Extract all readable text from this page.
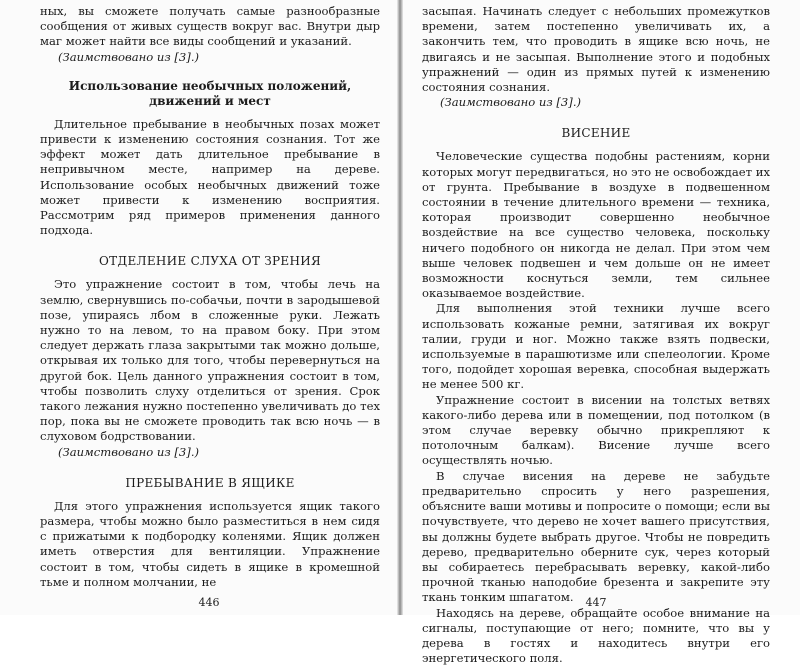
ных, вы сможете получать самые разнообразные сообщения от живых существ вокруг вас. Внутри дыр маг может найти все виды сообщений и указаний.

(Заимствовано из [3].)

Использование необычных положений,
движений и мест

Длительное пребывание в необычных позах может привести к изменению состояния сознания. Тот же эффект может дать длительное пребывание в непривычном месте, например на дереве. Использование особых необычных движений тоже может привести к изменению восприятия. Рассмотрим ряд примеров применения данного подхода.

ОТДЕЛЕНИЕ СЛУХА ОТ ЗРЕНИЯ

Это упражнение состоит в том, чтобы лечь на землю, свернувшись по-собачьи, почти в зародышевой позе, упираясь лбом в сложенные руки. Лежать нужно то на левом, то на правом боку. При этом следует держать глаза закрытыми так можно дольше, открывая их только для того, чтобы перевернуться на другой бок. Цель данного упражнения состоит в том, чтобы позволить слуху отделиться от зрения. Срок такого лежания нужно постепенно увеличивать до тех пор, пока вы не сможете проводить так всю ночь — в слуховом бодрствовании.

(Заимствовано из [3].)

ПРЕБЫВАНИЕ В ЯЩИКЕ

Для этого упражнения используется ящик такого размера, чтобы можно было разместиться в нем сидя с прижатыми к подбородку коленями. Ящик должен иметь отверстия для вентиляции. Упражнение состоит в том, чтобы сидеть в ящике в кромешной тьме и полном молчании, не

446

засыпая. Начинать следует с небольших промежутков времени, затем постепенно увеличивать их, а закончить тем, что проводить в ящике всю ночь, не двигаясь и не засыпая. Выполнение этого и подобных упражнений — один из прямых путей к изменению состояния сознания.

(Заимствовано из [3].)

ВИСЕНИЕ

Человеческие существа подобны растениям, корни которых могут передвигаться, но это не освобождает их от грунта. Пребывание в воздухе в подвешенном состоянии в течение длительного времени — техника, которая производит совершенно необычное воздействие на все существо человека, поскольку ничего подобного он никогда не делал. При этом чем выше человек подвешен и чем дольше он не имеет возможности коснуться земли, тем сильнее оказываемое воздействие.

Для выполнения этой техники лучше всего использовать кожаные ремни, затягивая их вокруг талии, груди и ног. Можно также взять подвески, используемые в парашютизме или спелеологии. Кроме того, подойдет хорошая веревка, способная выдержать не менее 500 кг.

Упражнение состоит в висении на толстых ветвях какого-либо дерева или в помещении, под потолком (в этом случае веревку обычно прикрепляют к потолочным балкам). Висение лучше всего осуществлять ночью.

В случае висения на дереве не забудьте предварительно спросить у него разрешения, объясните ваши мотивы и попросите о помощи; если вы почувствуете, что дерево не хочет вашего присутствия, вы должны будете выбрать другое. Чтобы не повредить дерево, предварительно оберните сук, через который вы собираетесь перебрасывать веревку, какой-либо прочной тканью наподобие брезента и закрепите эту ткань тонким шпагатом.

Находясь на дереве, обращайте особое внимание на сигналы, поступающие от него; помните, что вы у дерева в гостях и находитесь внутри его энергетического поля.

447
